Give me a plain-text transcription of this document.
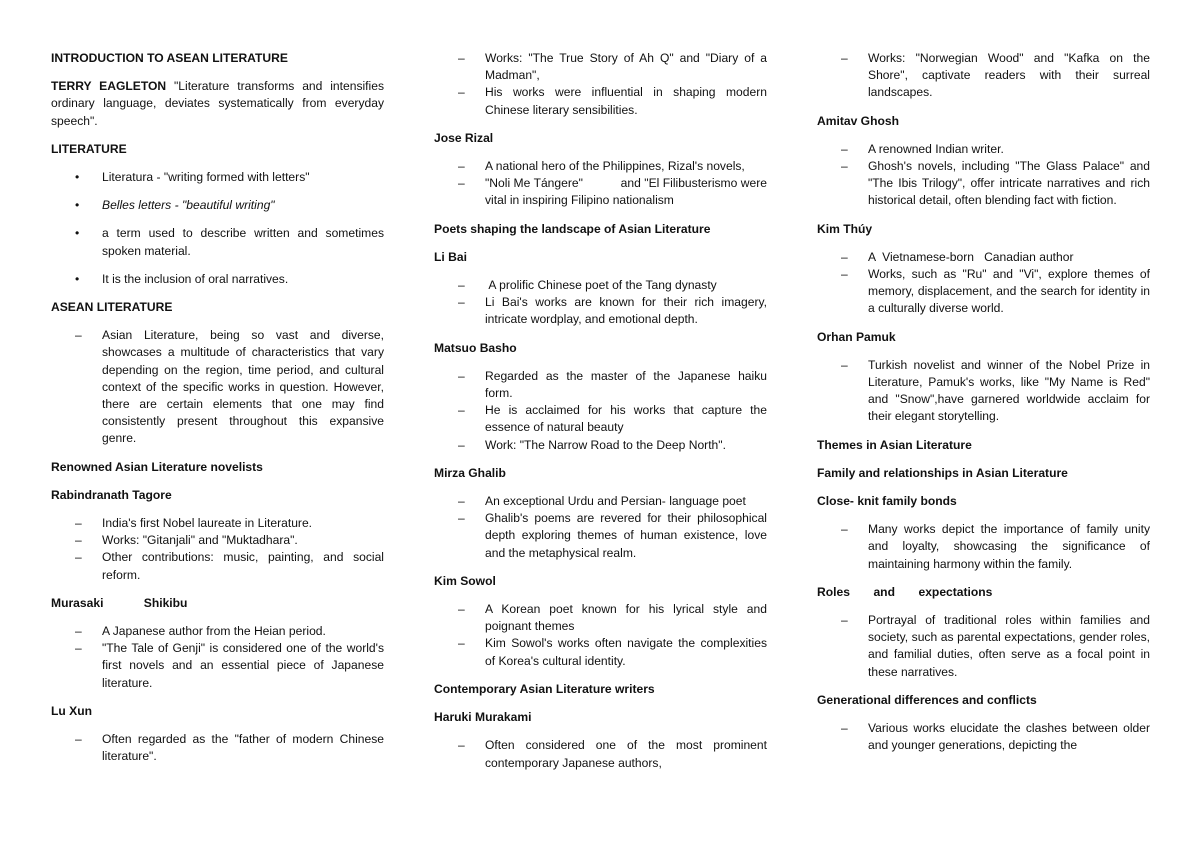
INTRODUCTION TO ASEAN LITERATURE
TERRY EAGLETON "Literature transforms and intensifies ordinary language, deviates systematically from everyday speech".
LITERATURE
• Literatura - "writing formed with letters"
• Belles letters - "beautiful writing"
• a term used to describe written and sometimes spoken material.
• It is the inclusion of oral narratives.
ASEAN LITERATURE
– Asian Literature, being so vast and diverse, showcases a multitude of characteristics that vary depending on the region, time period, and cultural context of the specific works in question. However, there are certain elements that one may find consistently present throughout this expansive genre.
Renowned Asian Literature novelists
Rabindranath Tagore
– India's first Nobel laureate in Literature.
– Works: "Gitanjali" and "Muktadhara".
– Other contributions: music, painting, and social reform.
Murasaki            Shikibu
– A Japanese author from the Heian period.
– "The Tale of Genji" is considered one of the world's first novels and an essential piece of Japanese literature.
Lu Xun
– Often regarded as the "father of modern Chinese literature".
– Works: "The True Story of Ah Q" and "Diary of a Madman",
– His works were influential in shaping modern Chinese literary sensibilities.
Jose Rizal
– A national hero of the Philippines, Rizal's novels,
– "Noli Me Tángere"           and "El Filibusterismo were vital in inspiring Filipino nationalism
Poets shaping the landscape of Asian Literature
Li Bai
– A prolific Chinese poet of the Tang dynasty
– Li Bai's works are known for their rich imagery, intricate wordplay, and emotional depth.
Matsuo Basho
– Regarded as the master of the Japanese haiku form.
– He is acclaimed for his works that capture the essence of natural beauty
– Work: "The Narrow Road to the Deep North".
Mirza Ghalib
– An exceptional Urdu and Persian- language poet
– Ghalib's poems are revered for their philosophical depth exploring themes of human existence, love and the metaphysical realm.
Kim Sowol
– A Korean poet known for his lyrical style and poignant themes
– Kim Sowol's works often navigate the complexities of Korea's cultural identity.
Contemporary Asian Literature writers
Haruki Murakami
– Often considered one of the most prominent contemporary Japanese authors,
– Works: "Norwegian Wood" and "Kafka on the Shore", captivate readers with their surreal landscapes.
Amitav Ghosh
– A renowned Indian writer.
– Ghosh's novels, including "The Glass Palace" and "The Ibis Trilogy", offer intricate narratives and rich historical detail, often blending fact with fiction.
Kim Thúy
– A  Vietnamese-born   Canadian author
– Works, such as "Ru" and "Vi", explore themes of memory, displacement, and the search for identity in a culturally diverse world.
Orhan Pamuk
– Turkish novelist and winner of the Nobel Prize in Literature, Pamuk's works, like "My Name is Red" and "Snow",have garnered worldwide acclaim for their elegant storytelling.
Themes in Asian Literature
Family and relationships in Asian Literature
Close- knit family bonds
– Many works depict the importance of family unity and loyalty, showcasing the significance of maintaining harmony within the family.
Roles       and       expectations
– Portrayal of traditional roles within families and society, such as parental expectations, gender roles, and familial duties, often serve as a focal point in these narratives.
Generational differences and conflicts
– Various works elucidate the clashes between older and younger generations, depicting the
